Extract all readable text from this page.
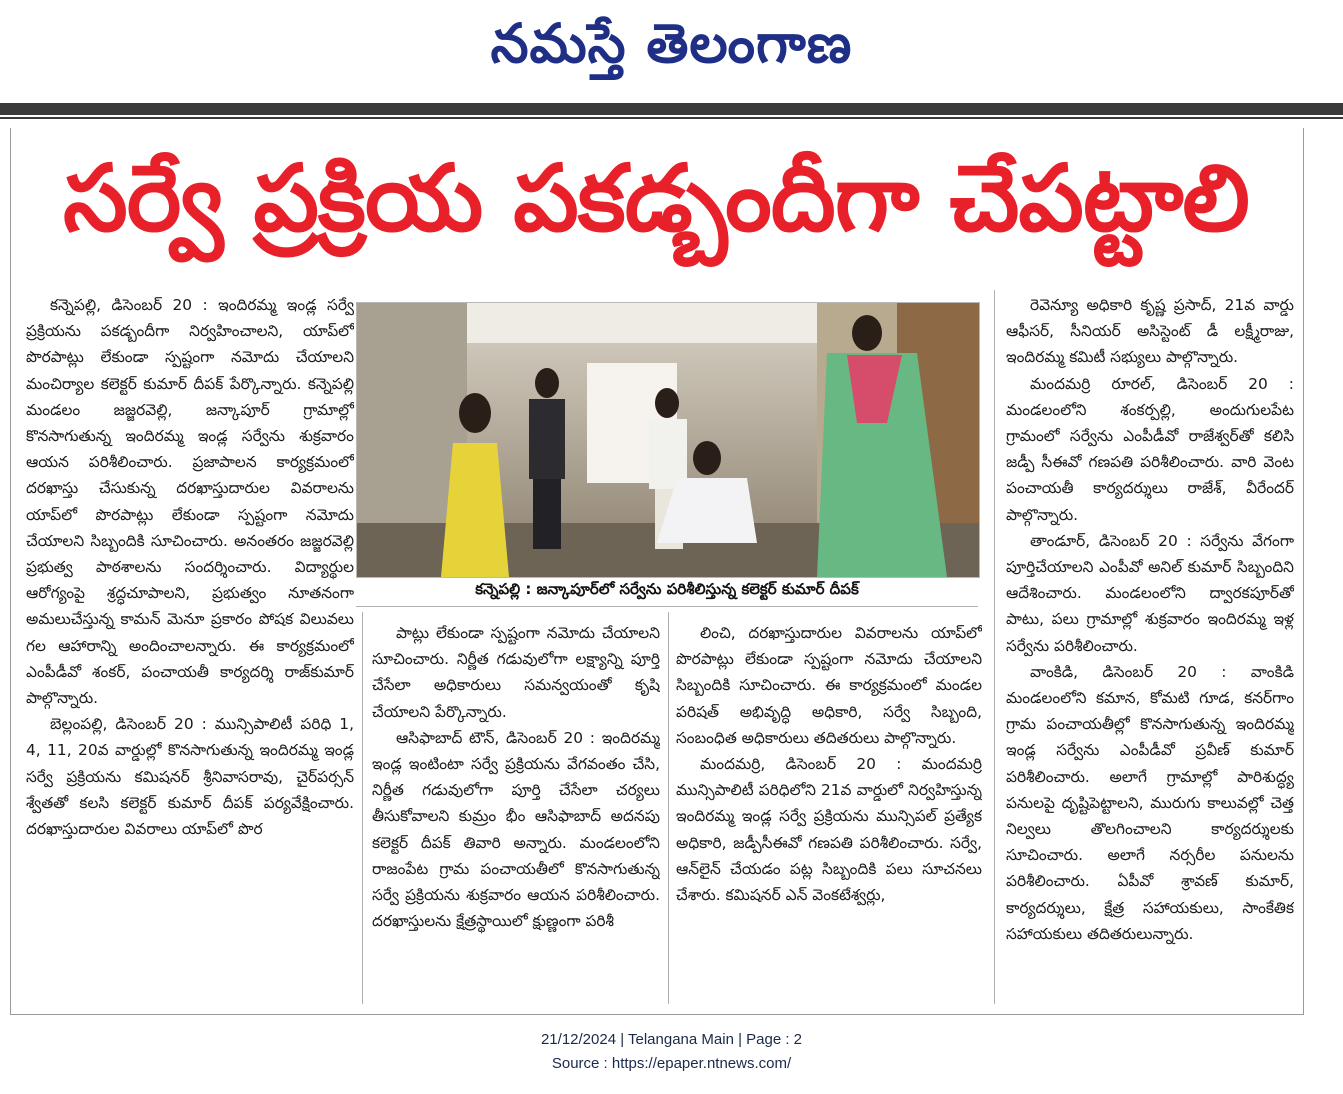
నమస్తే తెలంగాణ
సర్వే ప్రక్రియ పకడ్బందీగా చేపట్టాలి

కన్నెపల్లి, డిసెంబర్ 20 : ఇందిరమ్మ ఇండ్ల సర్వే ప్రక్రియను పకడ్బందీగా నిర్వహించాలని, యాప్‌లో పొరపాట్లు లేకుండా స్పష్టంగా నమోదు చేయాలని మంచిర్యాల కలెక్టర్ కుమార్ దీపక్ పేర్కొన్నారు. కన్నెపల్లి మండలం జజ్జరవెల్లి, జన్కాపూర్ గ్రామాల్లో కొనసాగుతున్న ఇందిరమ్మ ఇండ్ల సర్వేను శుక్రవారం ఆయన పరిశీలించారు. ప్రజాపాలన కార్యక్రమంలో దరఖాస్తు చేసుకున్న దరఖాస్తుదారుల వివరాలను యాప్‌లో పొరపాట్లు లేకుండా స్పష్టంగా నమోదు చేయాలని సిబ్బందికి సూచించారు. అనంతరం జజ్జరవెల్లి ప్రభుత్వ పాఠశాలను సందర్శించారు. విద్యార్థుల ఆరోగ్యంపై శ్రద్ధచూపాలని, ప్రభుత్వం నూతనంగా అమలుచేస్తున్న కామన్ మెనూ ప్రకారం పోషక విలువలు గల ఆహారాన్ని అందించాలన్నారు. ఈ కార్యక్రమంలో ఎంపీడీవో శంకర్, పంచాయతీ కార్యదర్శి రాజ్‌కుమార్ పాల్గొన్నారు.

బెల్లంపల్లి, డిసెంబర్ 20 : మున్సిపాలిటీ పరిధి 1, 4, 11, 20వ వార్డుల్లో కొనసాగుతున్న ఇందిరమ్మ ఇండ్ల సర్వే ప్రక్రియను కమిషనర్ శ్రీనివాసరావు, చైర్‌పర్సన్ శ్వేతతో కలసి కలెక్టర్ కుమార్ దీపక్ పర్యవేక్షించారు. దరఖాస్తుదారుల వివరాలు యాప్‌లో పొర

కన్నెపల్లి : జన్కాపూర్‌లో సర్వేను పరిశీలిస్తున్న కలెక్టర్ కుమార్ దీపక్

పాట్లు లేకుండా స్పష్టంగా నమోదు చేయాలని సూచించారు. నిర్ణీత గడువులోగా లక్ష్యాన్ని పూర్తి చేసేలా అధికారులు సమన్వయంతో కృషి చేయాలని పేర్కొన్నారు.

ఆసిఫాబాద్ టౌన్, డిసెంబర్ 20 : ఇందిరమ్మ ఇండ్ల ఇంటింటా సర్వే ప్రక్రియను వేగవంతం చేసి, నిర్ణీత గడువులోగా పూర్తి చేసేలా చర్యలు తీసుకోవాలని కుమ్రం భీం ఆసిఫాబాద్ అదనపు కలెక్టర్ దీపక్ తివారి అన్నారు. మండలంలోని రాజంపేట గ్రామ పంచాయతీలో కొనసాగుతున్న సర్వే ప్రక్రియను శుక్రవారం ఆయన పరిశీలించారు. దరఖాస్తులను క్షేత్రస్థాయిలో క్షుణ్ణంగా పరిశీ

లించి, దరఖాస్తుదారుల వివరాలను యాప్‌లో పొరపాట్లు లేకుండా స్పష్టంగా నమోదు చేయాలని సిబ్బందికి సూచించారు. ఈ కార్యక్రమంలో మండల పరిషత్ అభివృద్ధి అధికారి, సర్వే సిబ్బంది, సంబంధిత అధికారులు తదితరులు పాల్గొన్నారు.

మందమర్రి, డిసెంబర్ 20 : మందమర్రి మున్సిపాలిటీ పరిధిలోని 21వ వార్డులో నిర్వహిస్తున్న ఇందిరమ్మ ఇండ్ల సర్వే ప్రక్రియను మున్సిపల్ ప్రత్యేక అధికారి, జడ్పీసీఈవో గణపతి పరిశీలించారు. సర్వే, ఆన్‌లైన్ చేయడం పట్ల సిబ్బందికి పలు సూచనలు చేశారు. కమిషనర్ ఎన్ వెంకటేశ్వర్లు,

రెవెన్యూ అధికారి కృష్ణ ప్రసాద్, 21వ వార్డు ఆఫీసర్, సీనియర్ అసిస్టెంట్ డీ లక్ష్మీరాజు, ఇందిరమ్మ కమిటీ సభ్యులు పాల్గొన్నారు.

మందమర్రి రూరల్, డిసెంబర్ 20 : మండలంలోని శంకర్పల్లి, అందుగులపేట గ్రామంలో సర్వేను ఎంపీడీవో రాజేశ్వర్‌తో కలిసి జడ్పీ సీఈవో గణపతి పరిశీలించారు. వారి వెంట పంచాయతీ కార్యదర్శులు రాజేశ్, వీరేందర్ పాల్గొన్నారు.

తాండూర్, డిసెంబర్ 20 : సర్వేను వేగంగా పూర్తిచేయాలని ఎంపీవో అనిల్ కుమార్ సిబ్బందిని ఆదేశించారు. మండలంలోని ద్వారకపూర్‌తో పాటు, పలు గ్రామాల్లో శుక్రవారం ఇందిరమ్మ ఇళ్ల సర్వేను పరిశీలించారు.

వాంకిడి, డిసెంబర్ 20 : వాంకిడి మండలంలోని కమాన, కోమటి గూడ, కనర్‌గాం గ్రామ పంచాయతీల్లో కొనసాగుతున్న ఇందిరమ్మ ఇండ్ల సర్వేను ఎంపీడీవో ప్రవీణ్ కుమార్ పరిశీలించారు. అలాగే గ్రామాల్లో పారిశుద్ధ్య పనులపై దృష్టిపెట్టాలని, మురుగు కాలువల్లో చెత్త నిల్వలు తొలగించాలని కార్యదర్శులకు సూచించారు. అలాగే నర్సరీల పనులను పరిశీలించారు. ఏపీవో శ్రావణ్ కుమార్, కార్యదర్శులు, క్షేత్ర సహాయకులు, సాంకేతిక సహాయకులు తదితరులున్నారు.

21/12/2024 | Telangana Main | Page : 2
Source : https://epaper.ntnews.com/
